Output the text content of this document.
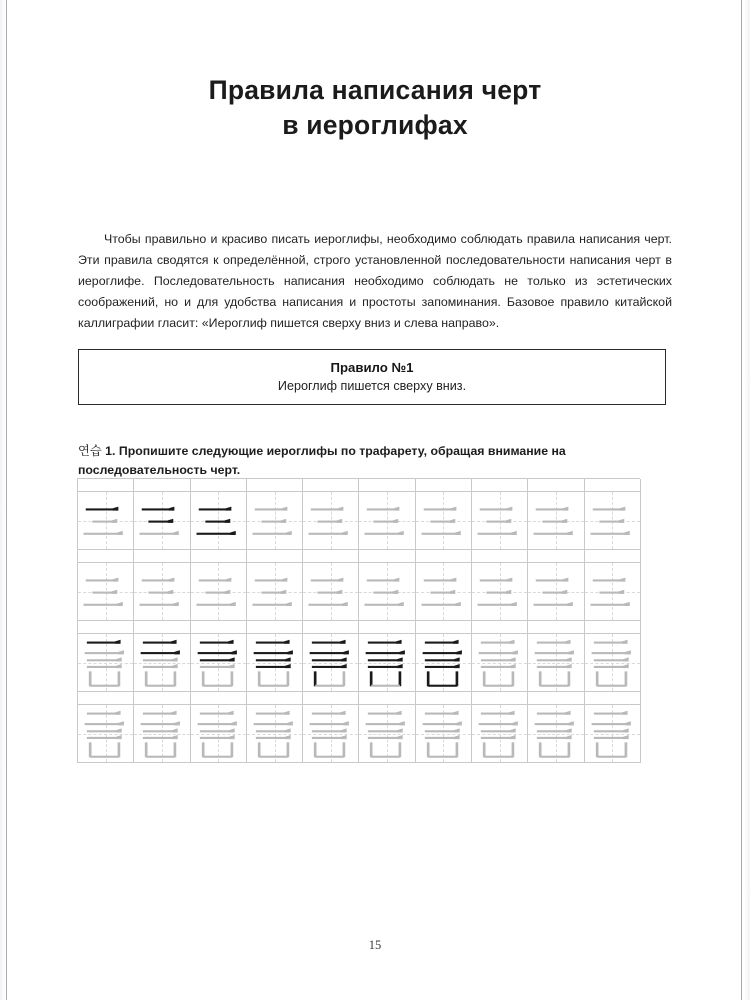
Правила написания черт
в иероглифах

Чтобы правильно и красиво писать иероглифы, необходимо соблюдать правила написания черт. Эти правила сводятся к определённой, строго установленной последовательности написания черт в иероглифе. Последовательность написания необходимо соблюдать не только из эстетических соображений, но и для удобства написания и простоты запоминания. Базовое правило китайской каллиграфии гласит: «Иероглиф пишется сверху вниз и слева направо».

Правило №1
Иероглиф пишется сверху вниз.

연습 1. Пропишите следующие иероглифы по трафарету, обращая внимание на последовательность черт.

15
